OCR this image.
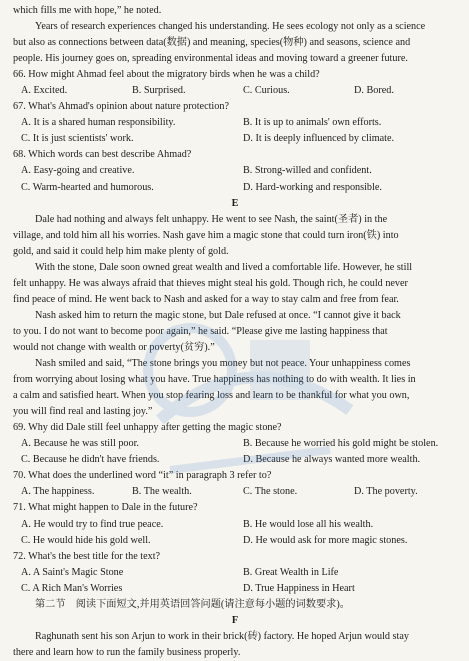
which fills me with hope,” he noted.
Years of research experiences changed his understanding. He sees ecology not only as a science
but also as connections between data(数据) and meaning, species(物种) and seasons, science and
people. His journey goes on, spreading environmental ideas and moving toward a greener future.
66. How might Ahmad feel about the migratory birds when he was a child?
A. Excited.	B. Surprised.	C. Curious.	D. Bored.
67. What's Ahmad's opinion about nature protection?
A. It is a shared human responsibility.	B. It is up to animals' own efforts.
C. It is just scientists' work.	D. It is deeply influenced by climate.
68. Which words can best describe Ahmad?
A. Easy-going and creative.	B. Strong-willed and confident.
C. Warm-hearted and humorous.	D. Hard-working and responsible.
E
Dale had nothing and always felt unhappy. He went to see Nash, the saint(圣者) in the
village, and told him all his worries. Nash gave him a magic stone that could turn iron(铁) into
gold, and said it could help him make plenty of gold.
With the stone, Dale soon owned great wealth and lived a comfortable life. However, he still
felt unhappy. He was always afraid that thieves might steal his gold. Though rich, he could never
find peace of mind. He went back to Nash and asked for a way to stay calm and free from fear.
Nash asked him to return the magic stone, but Dale refused at once. “I cannot give it back
to you. I do not want to become poor again,” he said. “Please give me lasting happiness that
would not change with wealth or poverty(贫穷).”
Nash smiled and said, “The stone brings you money but not peace. Your unhappiness comes
from worrying about losing what you have. True happiness has nothing to do with wealth. It lies in
a calm and satisfied heart. When you stop fearing loss and learn to be thankful for what you own,
you will find real and lasting joy.”
69. Why did Dale still feel unhappy after getting the magic stone?
A. Because he was still poor.	B. Because he worried his gold might be stolen.
C. Because he didn't have friends.	D. Because he always wanted more wealth.
70. What does the underlined word “it” in paragraph 3 refer to?
A. The happiness.	B. The wealth.	C. The stone.	D. The poverty.
71. What might happen to Dale in the future?
A. He would try to find true peace.	B. He would lose all his wealth.
C. He would hide his gold well.	D. He would ask for more magic stones.
72. What's the best title for the text?
A. A Saint's Magic Stone	B. Great Wealth in Life
C. A Rich Man's Worries	D. True Happiness in Heart
第二节　阅读下面短文,并用英语回答问题(请注意每小题的词数要求)。
F
Raghunath sent his son Arjun to work in their brick(砖) factory. He hoped Arjun would stay
there and learn how to run the family business properly.
